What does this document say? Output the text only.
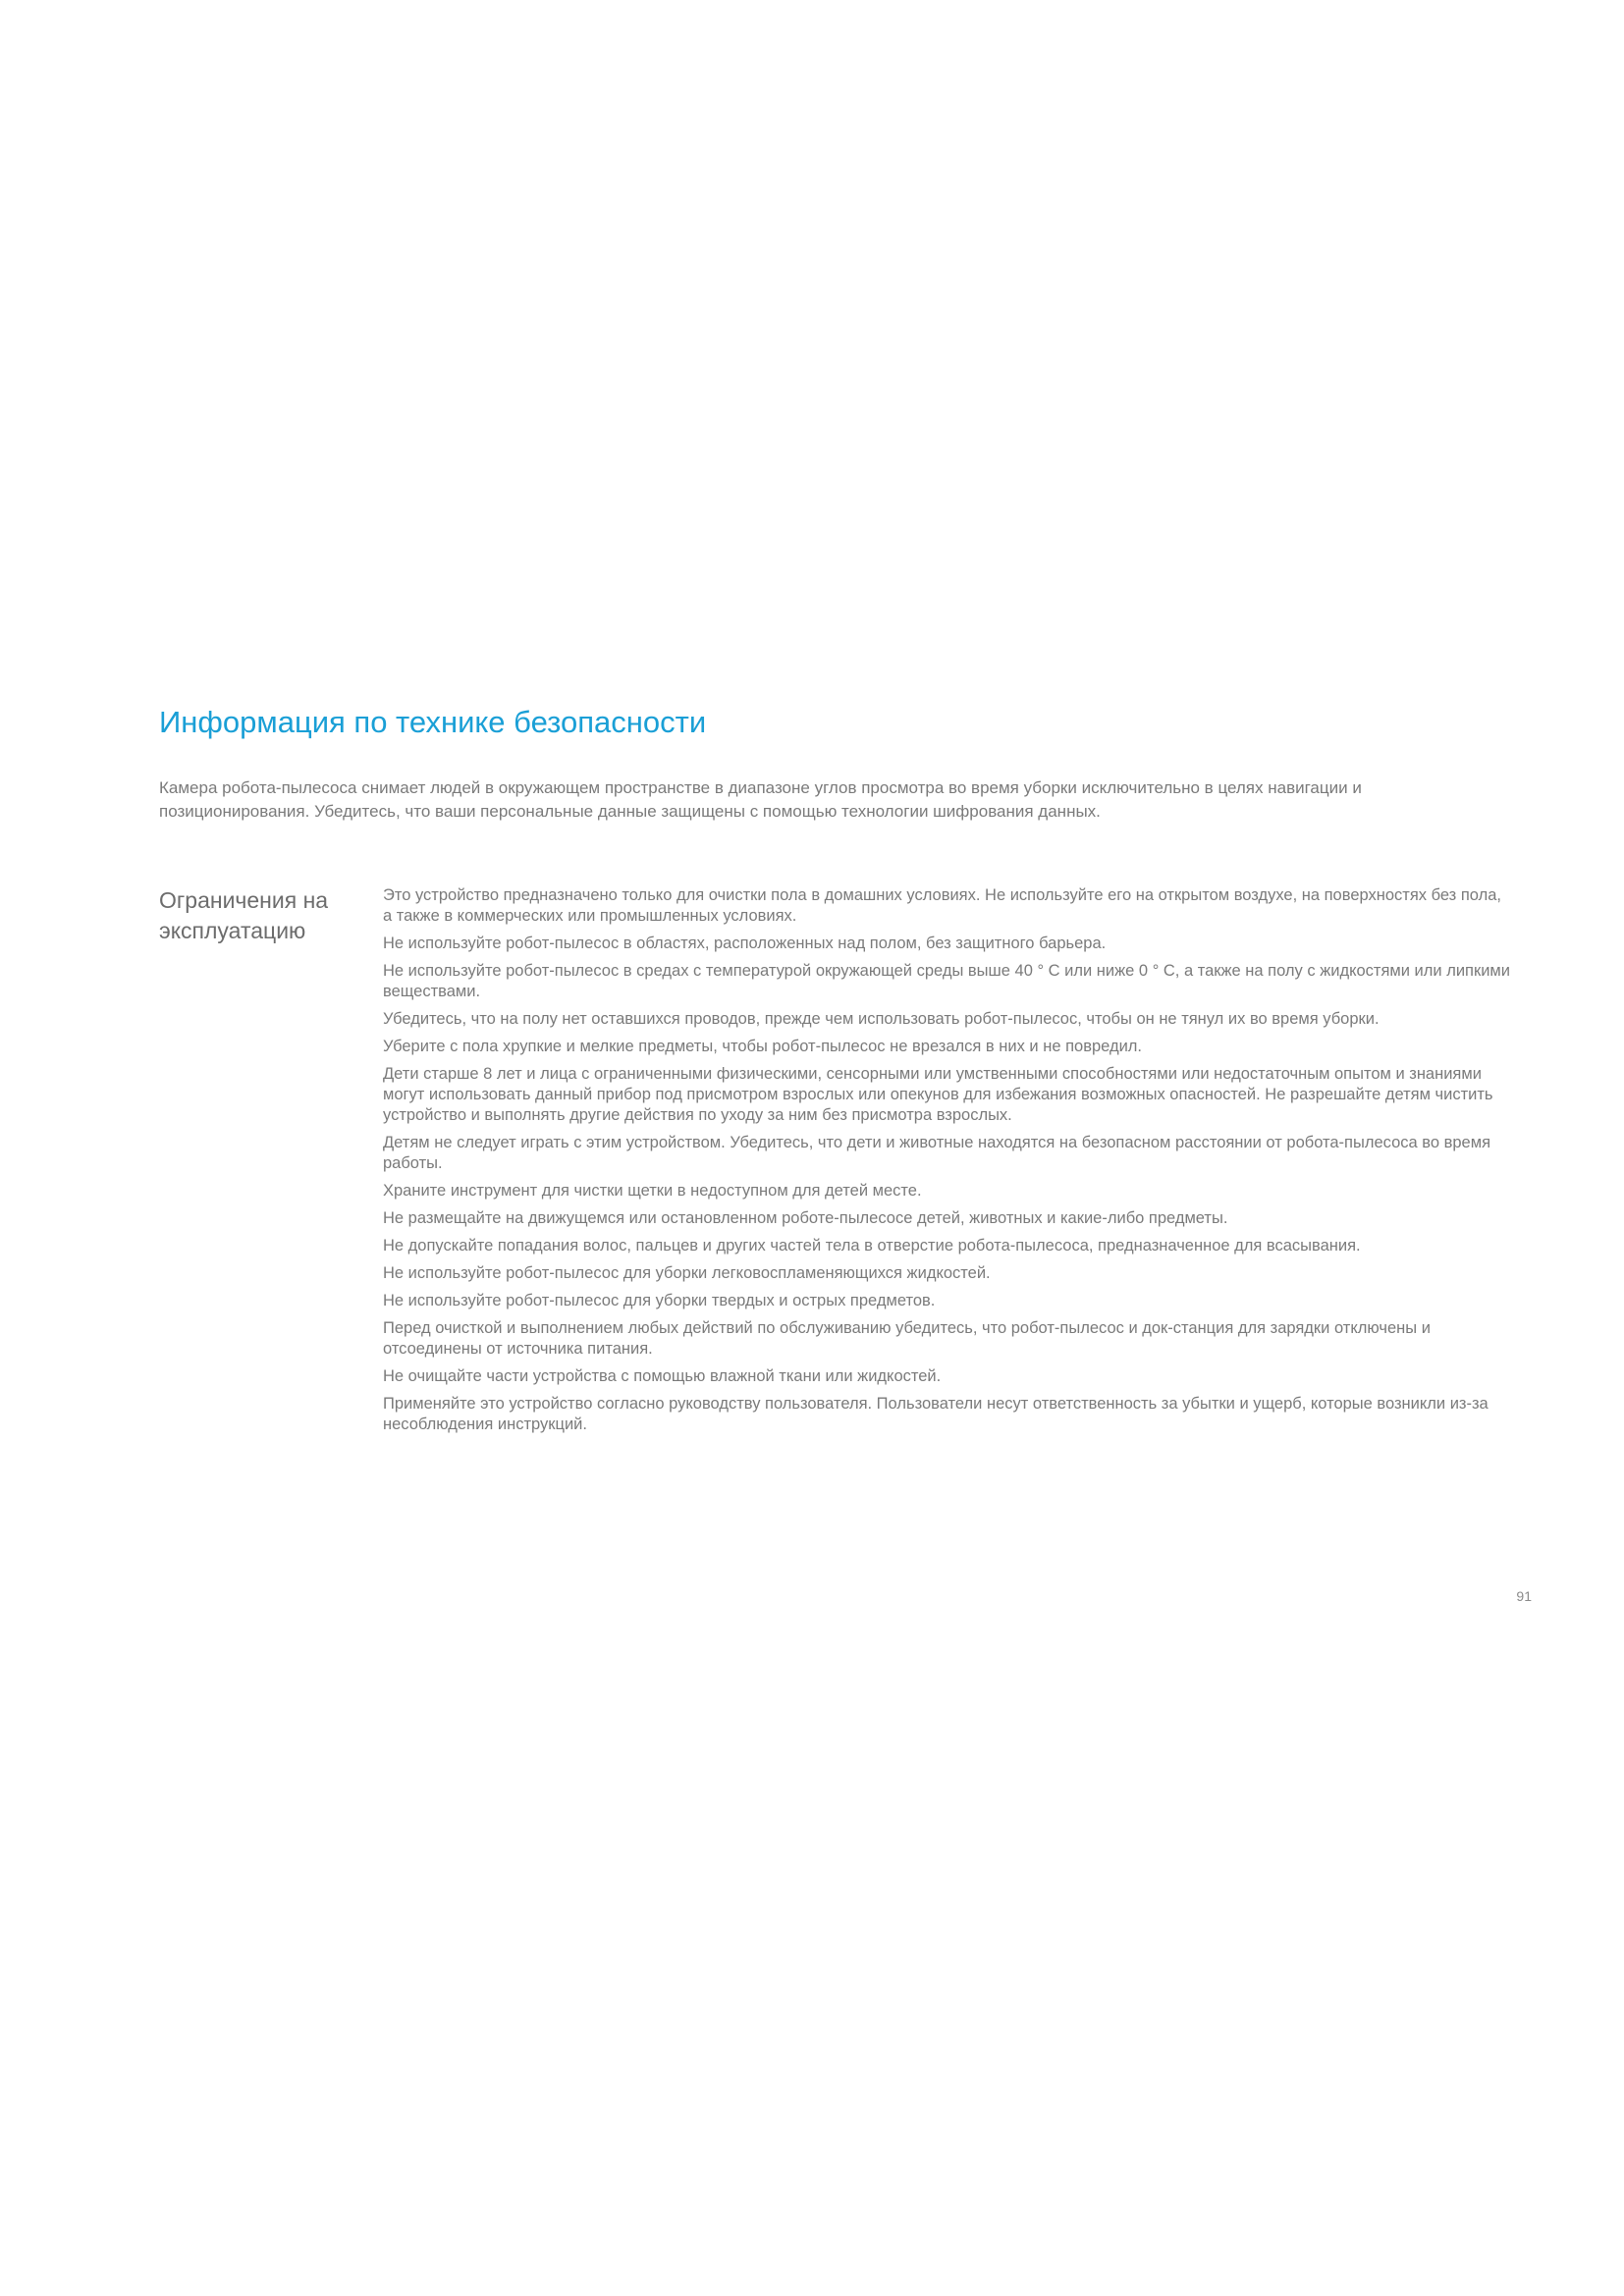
Информация по технике безопасности

Камера робота-пылесоса снимает людей в окружающем пространстве в диапазоне углов просмотра во время уборки исключительно в целях навигации и позиционирования. Убедитесь, что ваши персональные данные защищены с помощью технологии шифрования данных.

Ограничения на эксплуатацию
Это устройство предназначено только для очистки пола в домашних условиях. Не используйте его на открытом воздухе, на поверхностях без пола, а также в коммерческих или промышленных условиях.
Не используйте робот-пылесос в областях, расположенных над полом, без защитного барьера.
Не используйте робот-пылесос в средах с температурой окружающей среды выше 40 ° C или ниже 0 ° C, а также на полу с жидкостями или липкими веществами.
Убедитесь, что на полу нет оставшихся проводов, прежде чем использовать робот-пылесос, чтобы он не тянул их во время уборки.
Уберите с пола хрупкие и мелкие предметы, чтобы робот-пылесос не врезался в них и не повредил.
Дети старше 8 лет и лица с ограниченными физическими, сенсорными или умственными способностями или недостаточным опытом и знаниями могут использовать данный прибор под присмотром взрослых или опекунов для избежания возможных опасностей. Не разрешайте детям чистить устройство и выполнять другие действия по уходу за ним без присмотра взрослых.
Детям не следует играть с этим устройством. Убедитесь, что дети и животные находятся на безопасном расстоянии от робота-пылесоса во время работы.
Храните инструмент для чистки щетки в недоступном для детей месте.
Не размещайте на движущемся или остановленном роботе-пылесосе детей, животных и какие-либо предметы.
Не допускайте попадания волос, пальцев и других частей тела в отверстие робота-пылесоса, предназначенное для всасывания.
Не используйте робот-пылесос для уборки легковоспламеняющихся жидкостей.
Не используйте робот-пылесос для уборки твердых и острых предметов.
Перед очисткой и выполнением любых действий по обслуживанию убедитесь, что робот-пылесос и док-станция для зарядки отключены и отсоединены от источника питания.
Не очищайте части устройства с помощью влажной ткани или жидкостей.
Применяйте это устройство согласно руководству пользователя. Пользователи несут ответственность за убытки и ущерб, которые возникли из-за несоблюдения инструкций.
91
